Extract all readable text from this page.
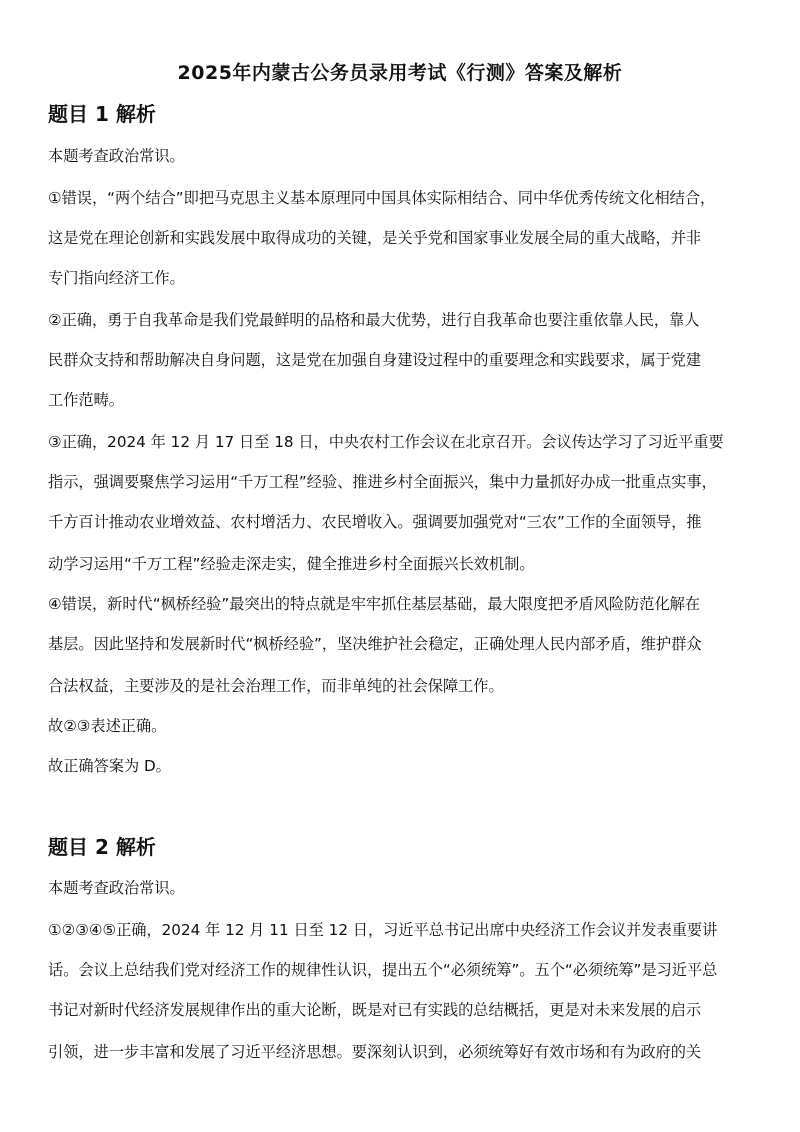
2025年内蒙古公务员录用考试《行测》答案及解析
题目 1 解析
本题考查政治常识。
①错误，“两个结合”即把马克思主义基本原理同中国具体实际相结合、同中华优秀传统文化相结合，
这是党在理论创新和实践发展中取得成功的关键，是关乎党和国家事业发展全局的重大战略，并非
专门指向经济工作。
②正确，勇于自我革命是我们党最鲜明的品格和最大优势，进行自我革命也要注重依靠人民，靠人
民群众支持和帮助解决自身问题，这是党在加强自身建设过程中的重要理念和实践要求，属于党建
工作范畴。
③正确，2024 年 12 月 17 日至 18 日，中央农村工作会议在北京召开。会议传达学习了习近平重要
指示，强调要聚焦学习运用“千万工程”经验、推进乡村全面振兴，集中力量抓好办成一批重点实事，
千方百计推动农业增效益、农村增活力、农民增收入。强调要加强党对“三农”工作的全面领导，推
动学习运用“千万工程”经验走深走实，健全推进乡村全面振兴长效机制。
④错误，新时代“枫桥经验”最突出的特点就是牢牢抓住基层基础，最大限度把矛盾风险防范化解在
基层。因此坚持和发展新时代“枫桥经验”，坚决维护社会稳定，正确处理人民内部矛盾，维护群众
合法权益，主要涉及的是社会治理工作，而非单纯的社会保障工作。
故②③表述正确。
故正确答案为 D。
题目 2 解析
本题考查政治常识。
①②③④⑤正确，2024 年 12 月 11 日至 12 日，习近平总书记出席中央经济工作会议并发表重要讲
话。会议上总结我们党对经济工作的规律性认识，提出五个“必须统筹”。五个“必须统筹”是习近平总
书记对新时代经济发展规律作出的重大论断，既是对已有实践的总结概括，更是对未来发展的启示
引领，进一步丰富和发展了习近平经济思想。要深刻认识到，必须统筹好有效市场和有为政府的关
